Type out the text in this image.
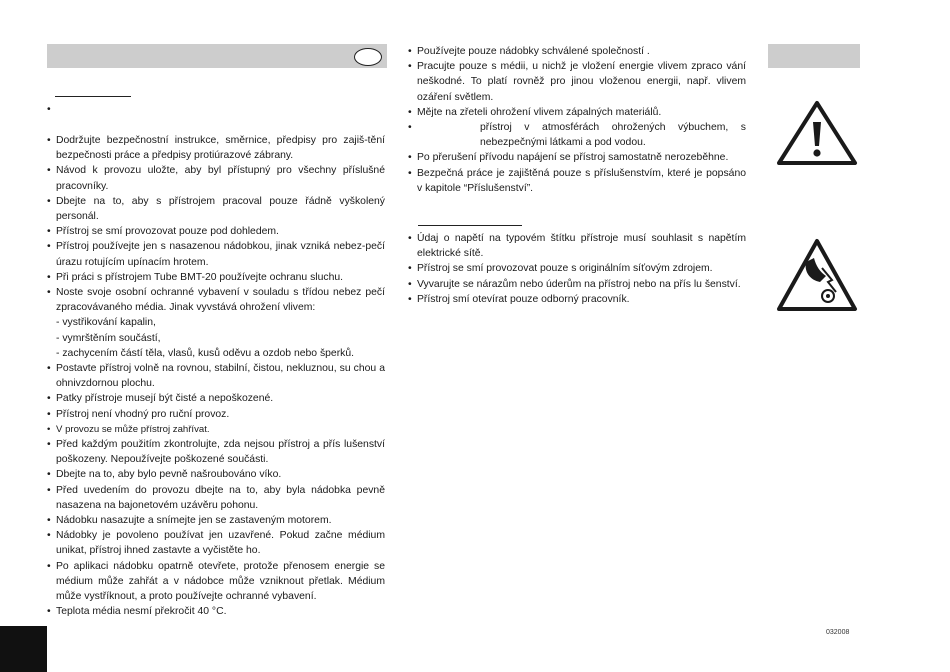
•
• Dodržujte bezpečnostní instrukce, směrnice, předpisy pro zajiš-tění bezpečnosti práce a předpisy protiúrazové zábrany.
• Návod k provozu uložte, aby byl přístupný pro všechny příslušné pracovníky.
• Dbejte na to, aby s přístrojem pracoval pouze řádně vyškolený personál.
• Přístroj se smí provozovat pouze pod dohledem.
• Přístroj používejte jen s nasazenou nádobkou, jinak vzniká nebez-pečí úrazu rotujícím upínacím hrotem.
• Při práci s přístrojem Tube BMT-20 používejte ochranu sluchu.
• Noste svoje osobní ochranné vybavení v souladu s třídou nebez pečí zpracovávaného média. Jinak vyvstává ohrožení vlivem:
- vystřikování kapalin,
- vymrštěním součástí,
- zachycením částí těla, vlasů, kusů oděvu a ozdob nebo šperků.
• Postavte přístroj volně na rovnou, stabilní, čistou, nekluznou, su chou a ohnivzdornou plochu.
• Patky přístroje musejí být čisté a nepoškozené.
• Přístroj není vhodný pro ruční provoz.
• V provozu se může přístroj zahřívat.
• Před každým použitím zkontrolujte, zda nejsou přístroj a přís lušenství poškozeny. Nepoužívejte poškozené součásti.
• Dbejte na to, aby bylo pevně našroubováno víko.
• Před uvedením do provozu dbejte na to, aby byla nádobka pevně nasazena na bajonetovém uzávěru pohonu.
• Nádobku nasazujte a snímejte jen se zastaveným motorem.
• Nádobky je povoleno používat jen uzavřené. Pokud začne médium unikat, přístroj ihned zastavte a vyčistěte ho.
• Po aplikaci nádobku opatrně otevřete, protože přenosem energie se médium může zahřát a v nádobce může vzniknout přetlak. Médium může vystříknout, a proto používejte ochranné vybavení.
• Teplota média nesmí překročit 40 °C.
• Používejte pouze nádobky schválené společností .
• Pracujte pouze s médii, u nichž je vložení energie vlivem zpraco vání neškodné. To platí rovněž pro jinou vloženou energii, např. vlivem ozáření světlem.
• Mějte na zřeteli ohrožení vlivem zápalných materiálů.
• přístroj v atmosférách ohrožených výbuchem, s nebezpečnými látkami a pod vodou.
• Po přerušení přívodu napájení se přístroj samostatně nerozeběhne.
• Bezpečná práce je zajištěná pouze s příslušenstvím, které je popsáno v kapitole “Příslušenství”.
• Údaj o napětí na typovém štítku přístroje musí souhlasit s napětím elektrické sítě.
• Přístroj se smí provozovat pouze s originálním síťovým zdrojem.
• Vyvarujte se nárazům nebo úderům na přístroj nebo na přís lu šenství.
• Přístroj smí otevírat pouze odborný pracovník.
032008
